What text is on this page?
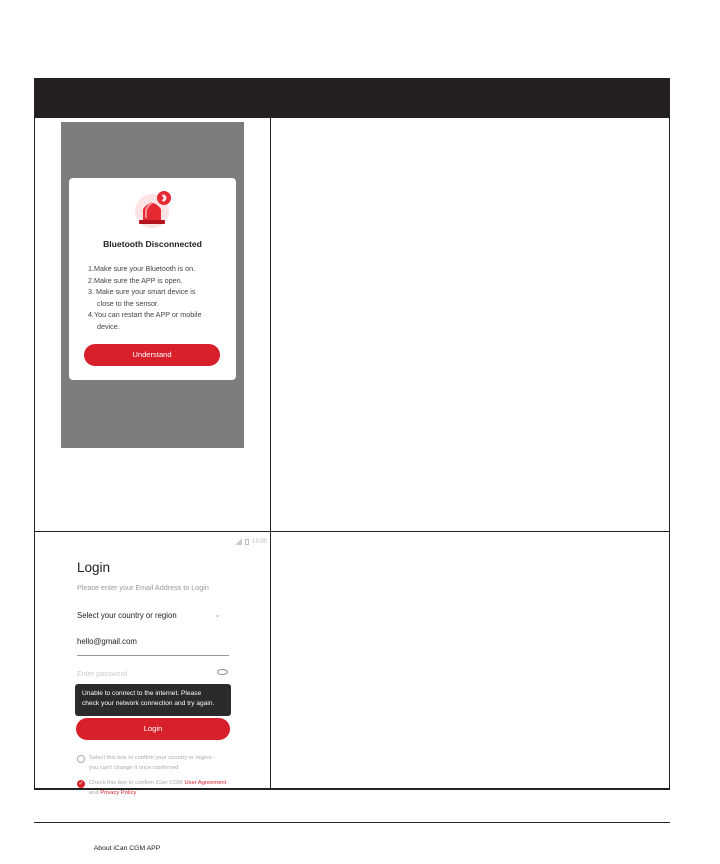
Bluetooth Disconnected
1.Make sure your Bluetooth is on.
2.Make sure the APP is open.
3. Make sure your smart device is
close to the sensor.
4.You can restart the APP or mobile
device.
Understand
13:00
Login
Please enter your Email Address to Login
Select your country or region	⌄
hello@gmail.com
Enter password
Unable to connect to the internet. Please
check your network connection and try again.
Login
Select this box to confirm your country or region -
you can't change it once confirmed
✓ Check this box to confirm iCan CGM User Agreement
and Privacy Policy
About iCan CGM APP
